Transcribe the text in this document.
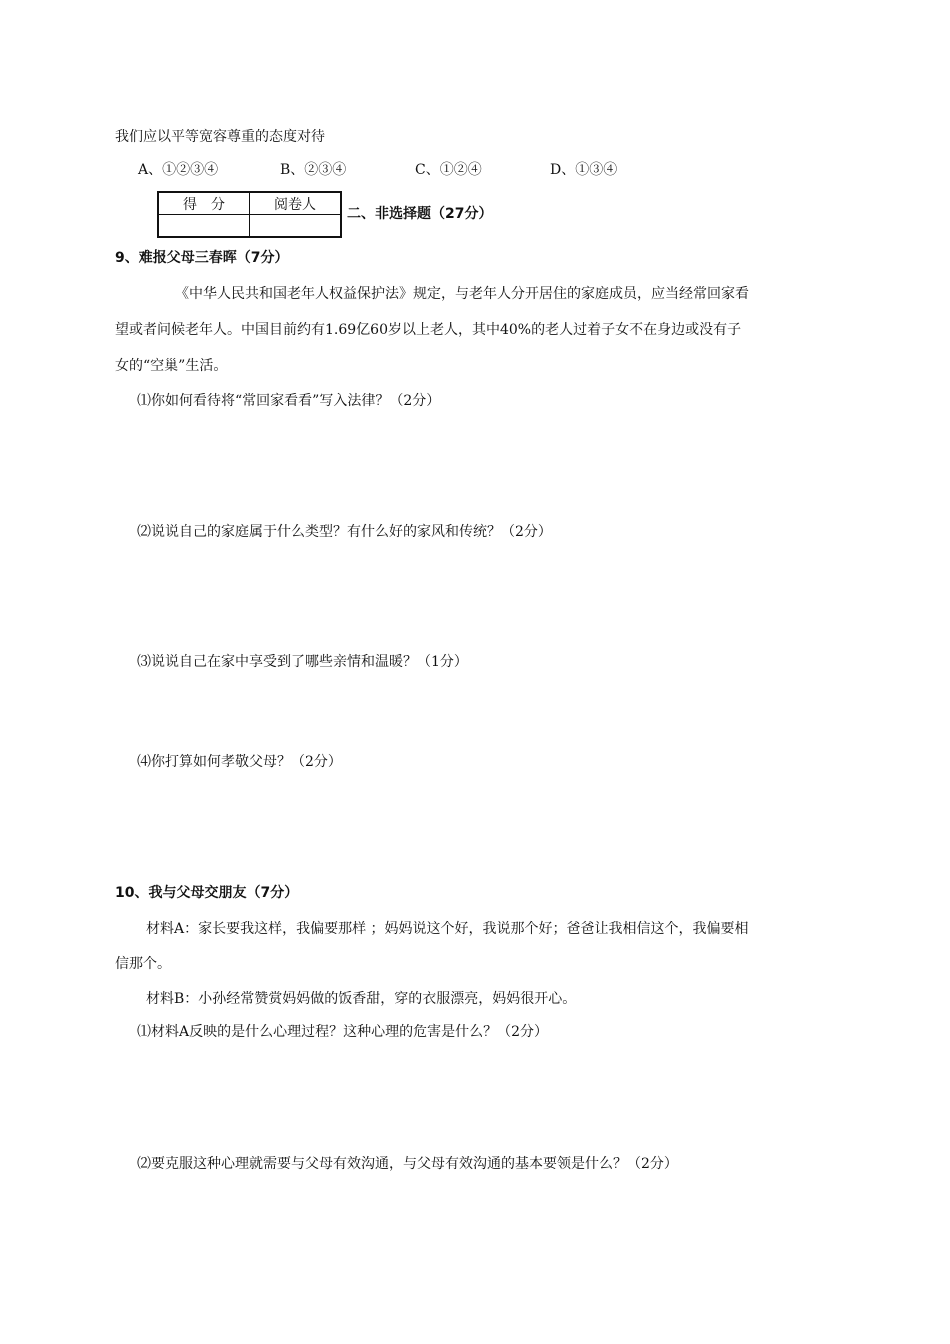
我们应以平等宽容尊重的态度对待
A、①②③④	B、②③④	C、①②④	D、①③④
得　分	阅卷人

二、非选择题（27分）
9、难报父母三春晖（7分）
《中华人民共和国老年人权益保护法》规定，与老年人分开居住的家庭成员，应当经常回家看
望或者问候老年人。中国目前约有1.69亿60岁以上老人，其中40%的老人过着子女不在身边或没有子
女的“空巢”生活。
⑴你如何看待将“常回家看看”写入法律？（2分）
⑵说说自己的家庭属于什么类型？有什么好的家风和传统？（2分）
⑶说说自己在家中享受到了哪些亲情和温暖？（1分）
⑷你打算如何孝敬父母？（2分）
10、我与父母交朋友（7分）
材料A：家长要我这样，我偏要那样 ；妈妈说这个好，我说那个好；爸爸让我相信这个，我偏要相
信那个。
材料B：小孙经常赞赏妈妈做的饭香甜，穿的衣服漂亮，妈妈很开心。
⑴材料A反映的是什么心理过程？这种心理的危害是什么？（2分）
⑵要克服这种心理就需要与父母有效沟通，与父母有效沟通的基本要领是什么？（2分）
